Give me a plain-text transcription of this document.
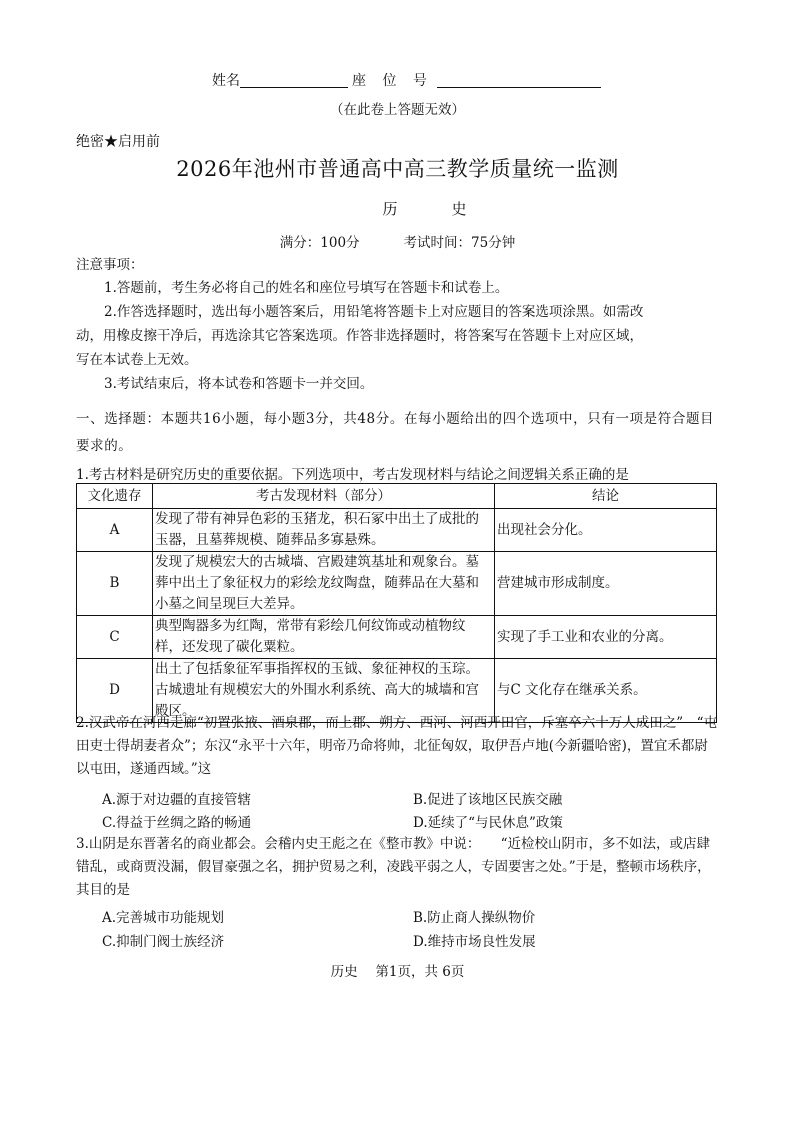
姓名	座 位 号
（在此卷上答题无效）
绝密★启用前
2026年池州市普通高中高三教学质量统一监测
历史
满分：100分	考试时间：75分钟
注意事项：
1.答题前，考生务必将自己的姓名和座位号填写在答题卡和试卷上。
2.作答选择题时，选出每小题答案后，用铅笔将答题卡上对应题目的答案选项涂黑。如需改
动，用橡皮擦干净后，再选涂其它答案选项。作答非选择题时，将答案写在答题卡上对应区域，
写在本试卷上无效。
3.考试结束后，将本试卷和答题卡一并交回。
一、选择题：本题共16小题，每小题3分，共48分。在每小题给出的四个选项中，只有一项是符合题目要求的。
1.考古材料是研究历史的重要依据。下列选项中，考古发现材料与结论之间逻辑关系正确的是
文化遗存	考古发现材料（部分）	结论
A	发现了带有神异色彩的玉猪龙，积石冢中出土了成批的玉器，且墓葬规模、随葬品多寡悬殊。	出现社会分化。
B	发现了规模宏大的古城墙、宫殿建筑基址和观象台。墓葬中出土了象征权力的彩绘龙纹陶盘，随葬品在大墓和小墓之间呈现巨大差异。	营建城市形成制度。
C	典型陶器多为红陶，常带有彩绘几何纹饰或动植物纹样，还发现了碳化粟粒。	实现了手工业和农业的分离。
D	出土了包括象征军事指挥权的玉钺、象征神权的玉琮。古城遗址有规模宏大的外围水利系统、高大的城墙和宫殿区。	与C 文化存在继承关系。
2.汉武帝在河西走廊“初置张掖、酒泉郡，而上郡、朔方、西河、河西开田官，斥塞卒六十万人成田之”　“屯田吏士得胡妻者众”；东汉“永平十六年，明帝乃命将帅，北征匈奴，取伊吾卢地(今新疆哈密)，置宜禾都尉以屯田，遂通西域。”这
A.源于对边疆的直接管辖	B.促进了该地区民族交融
C.得益于丝绸之路的畅通	D.延续了“与民休息”政策
3.山阴是东晋著名的商业都会。会稽内史王彪之在《整市教》中说：　　“近检校山阴市，多不如法，或店肆错乱，或商贾没漏，假冒豪强之名，拥护贸易之利，凌践平弱之人，专固要害之处。”于是，整顿市场秩序，其目的是
A.完善城市功能规划	B.防止商人操纵物价
C.抑制门阀士族经济	D.维持市场良性发展
历史　 第1页，共 6页
